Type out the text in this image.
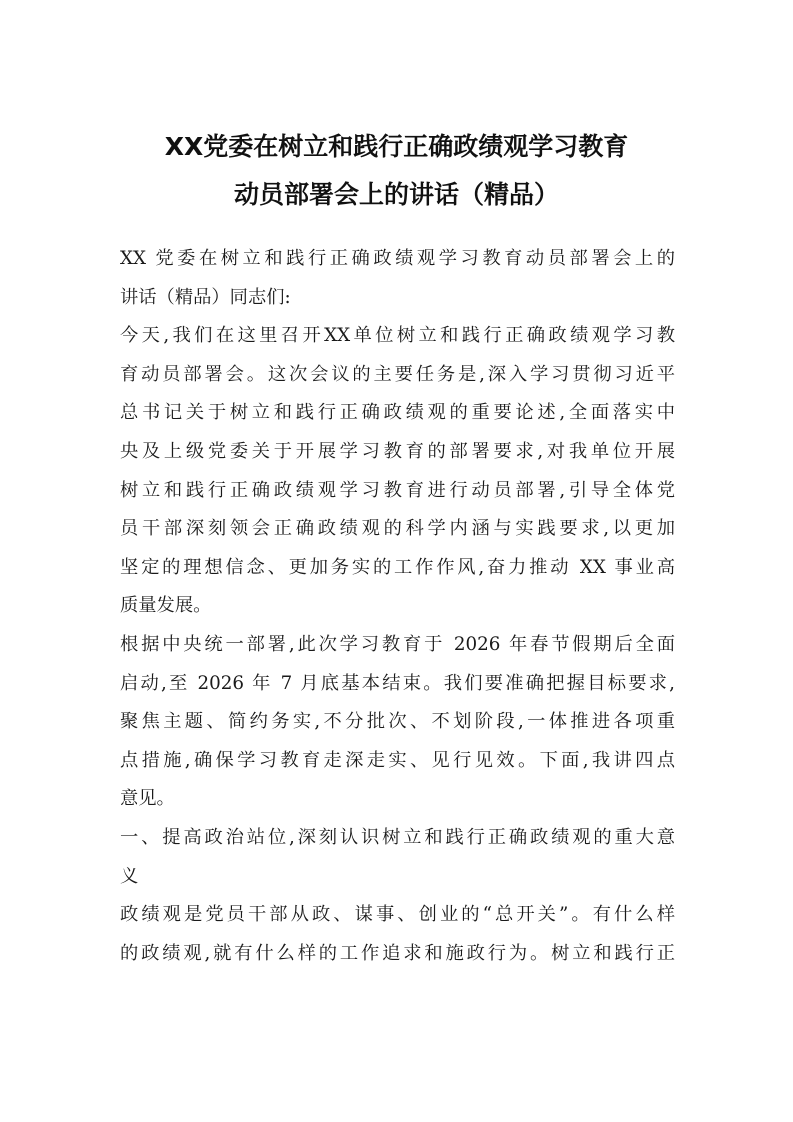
XX党委在树立和践行正确政绩观学习教育
动员部署会上的讲话（精品）
XX 党委在树立和践行正确政绩观学习教育动员部署会上的
讲话（精品）同志们:
今天,我们在这里召开XX单位树立和践行正确政绩观学习教
育动员部署会。这次会议的主要任务是,深入学习贯彻习近平
总书记关于树立和践行正确政绩观的重要论述,全面落实中
央及上级党委关于开展学习教育的部署要求,对我单位开展
树立和践行正确政绩观学习教育进行动员部署,引导全体党
员干部深刻领会正确政绩观的科学内涵与实践要求,以更加
坚定的理想信念、更加务实的工作作风,奋力推动 XX 事业高
质量发展。
根据中央统一部署,此次学习教育于 2026 年春节假期后全面
启动,至 2026 年 7 月底基本结束。我们要准确把握目标要求,
聚焦主题、简约务实,不分批次、不划阶段,一体推进各项重
点措施,确保学习教育走深走实、见行见效。下面,我讲四点
意见。
一、提高政治站位,深刻认识树立和践行正确政绩观的重大意
义
政绩观是党员干部从政、谋事、创业的“总开关”。有什么样
的政绩观,就有什么样的工作追求和施政行为。树立和践行正
